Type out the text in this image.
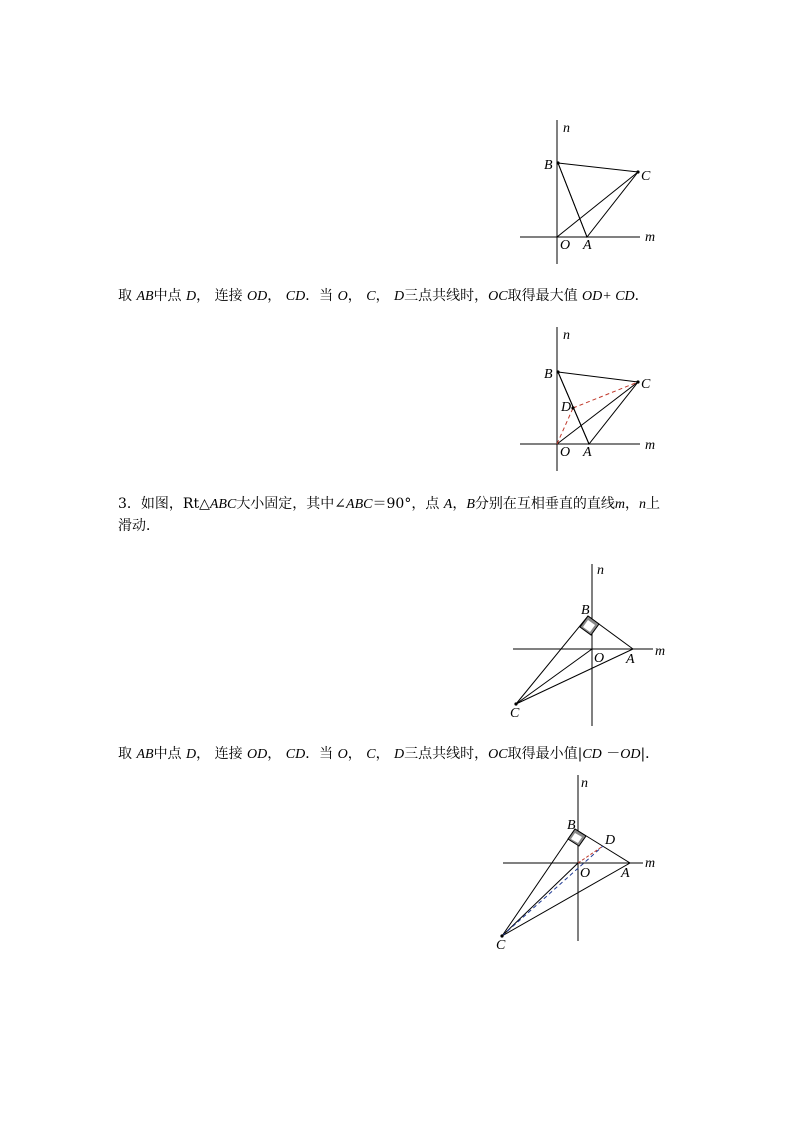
n
B
C
O A
m
取 AB中点 D， 连接 OD， CD．当 O， C， D三点共线时，OC取得最大值 OD+ CD．
n
B
C
D
O A	m
3．如图，Rt△ABC大小固定，其中∠ABC＝90°，点 A，B分别在互相垂直的直线m，n上
滑动．
n
B
O A
m
C
取 AB中点 D， 连接 OD， CD．当 O， C， D三点共线时，OC取得最小值|CD －OD|．
n
B
D
O A
m
C
